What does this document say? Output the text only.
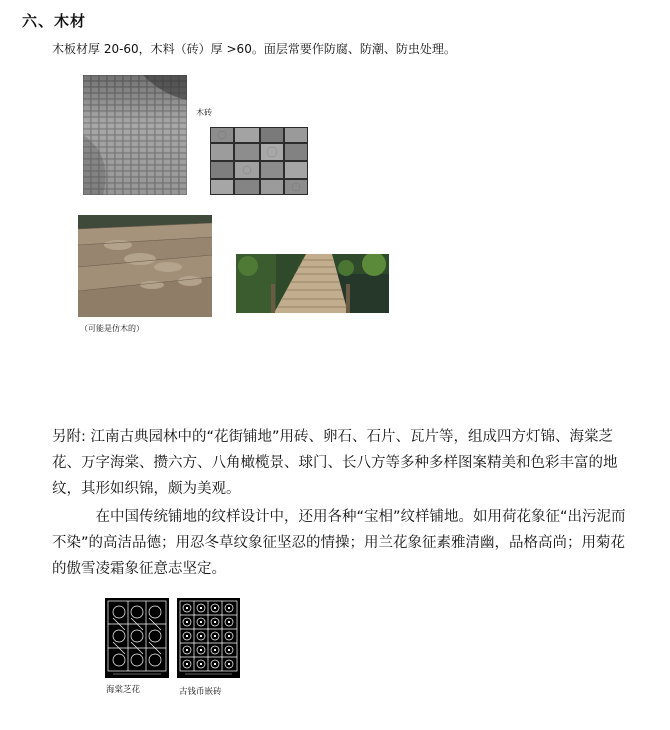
六、木材
木板材厚 20-60，木料（砖）厚 >60。面层常要作防腐、防潮、防虫处理。
木砖
（可能是仿木的）
另附: 江南古典园林中的“花街铺地”用砖、卵石、石片、瓦片等，组成四方灯锦、海棠芝花、万字海棠、攒六方、八角橄榄景、球门、长八方等多种多样图案精美和色彩丰富的地纹，其形如织锦，颇为美观。
在中国传统铺地的纹样设计中，还用各种“宝相”纹样铺地。如用荷花象征“出污泥而不染”的高洁品德；用忍冬草纹象征坚忍的情操；用兰花象征素雅清幽，品格高尚；用菊花的傲雪凌霜象征意志坚定。
海棠芝花	古钱币嵌砖
